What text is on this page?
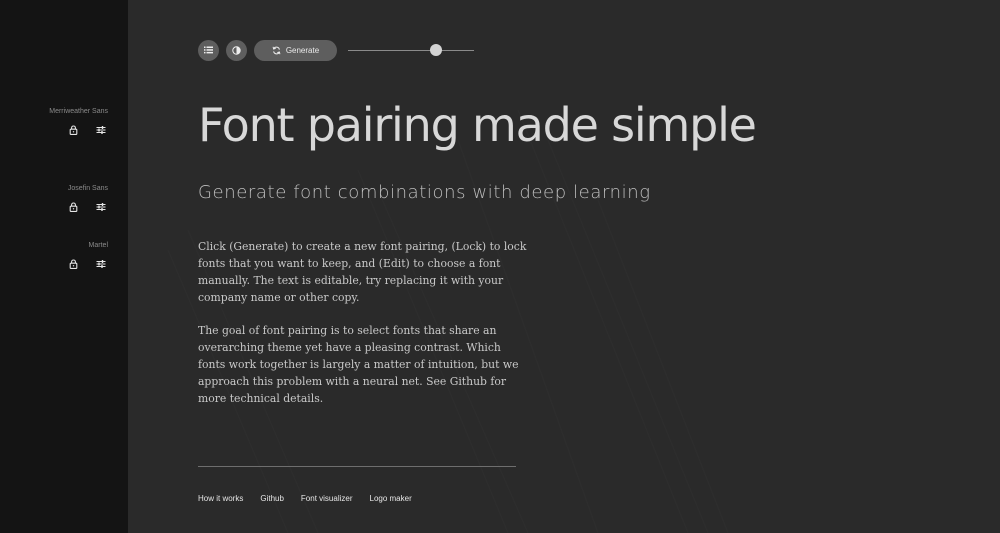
Merriweather Sans
Josefin Sans
Martel
Generate
Font pairing made simple
Generate font combinations with deep learning

Click (Generate) to create a new font pairing, (Lock) to lock fonts that you want to keep, and (Edit) to choose a font manually. The text is editable, try replacing it with your company name or other copy.

The goal of font pairing is to select fonts that share an overarching theme yet have a pleasing contrast. Which fonts work together is largely a matter of intuition, but we approach this problem with a neural net. See Github for more technical details.

How it works Github Font visualizer Logo maker
